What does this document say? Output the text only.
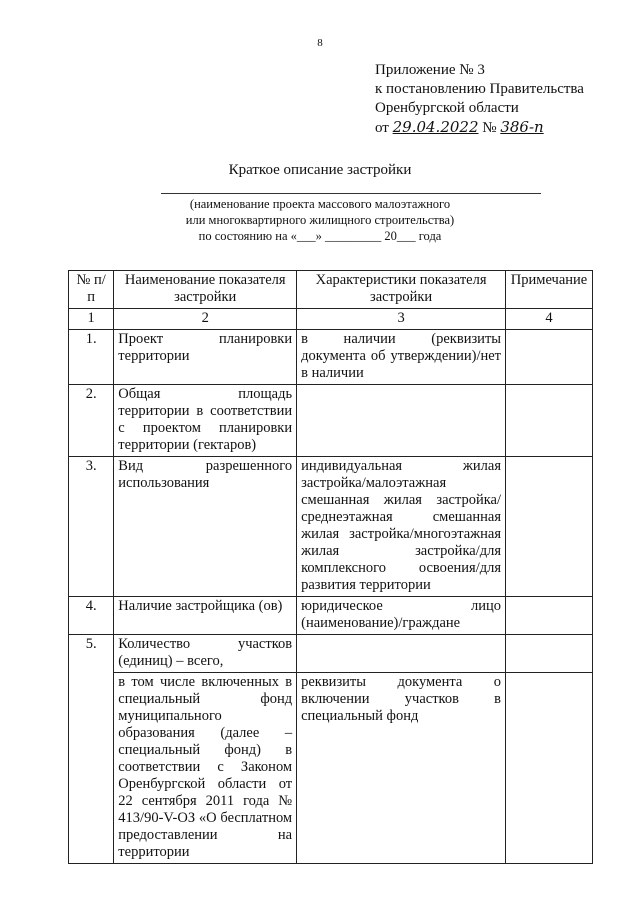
8
Приложение № 3
к постановлению Правительства
Оренбургской области
от 29.04.2022 № 386-п
Краткое описание застройки
(наименование проекта массового малоэтажного
или многоквартирного жилищного строительства)
по состоянию на «___» _________ 20___ года
№ п/п	Наименование показателя застройки	Характеристики показателя застройки	Примечание
1	2	3	4
1.	Проект планировки территории	в наличии (реквизиты документа об утверждении)/нет в наличии	
2.	Общая площадь территории в соответствии с проектом планировки территории (гектаров)		
3.	Вид разрешенного использования	индивидуальная жилая застройка/малоэтажная смешанная жилая застройка/среднеэтажная смешанная жилая застройка/многоэтажная жилая застройка/для комплексного освоения/для развития территории	
4.	Наличие застройщика (ов)	юридическое лицо (наименование)/граждане	
5.	Количество участков (единиц) – всего,		
	в том числе включенных в специальный фонд муниципального образования (далее – специальный фонд) в соответствии с Законом Оренбургской области от 22 сентября 2011 года № 413/90-V-ОЗ «О бесплатном предоставлении на территории	реквизиты документа о включении участков в специальный фонд	
